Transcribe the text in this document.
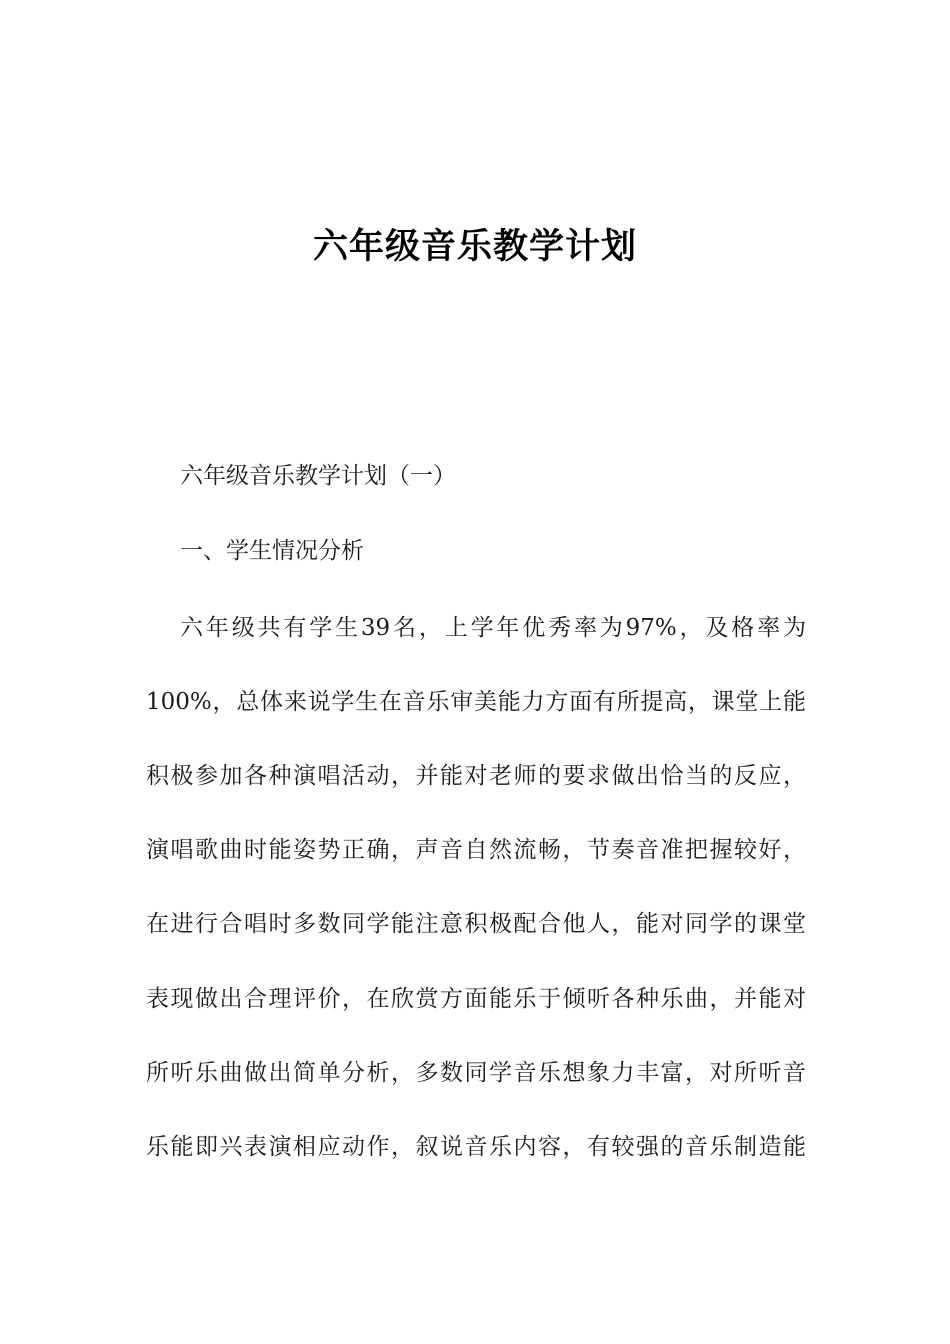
六年级音乐教学计划
六年级音乐教学计划（一）
一、学生情况分析
六年级共有学生39名，上学年优秀率为97%，及格率为
100%，总体来说学生在音乐审美能力方面有所提高，课堂上能
积极参加各种演唱活动，并能对老师的要求做出恰当的反应，
演唱歌曲时能姿势正确，声音自然流畅，节奏音准把握较好，
在进行合唱时多数同学能注意积极配合他人，能对同学的课堂
表现做出合理评价，在欣赏方面能乐于倾听各种乐曲，并能对
所听乐曲做出简单分析，多数同学音乐想象力丰富，对所听音
乐能即兴表演相应动作，叙说音乐内容，有较强的音乐制造能
